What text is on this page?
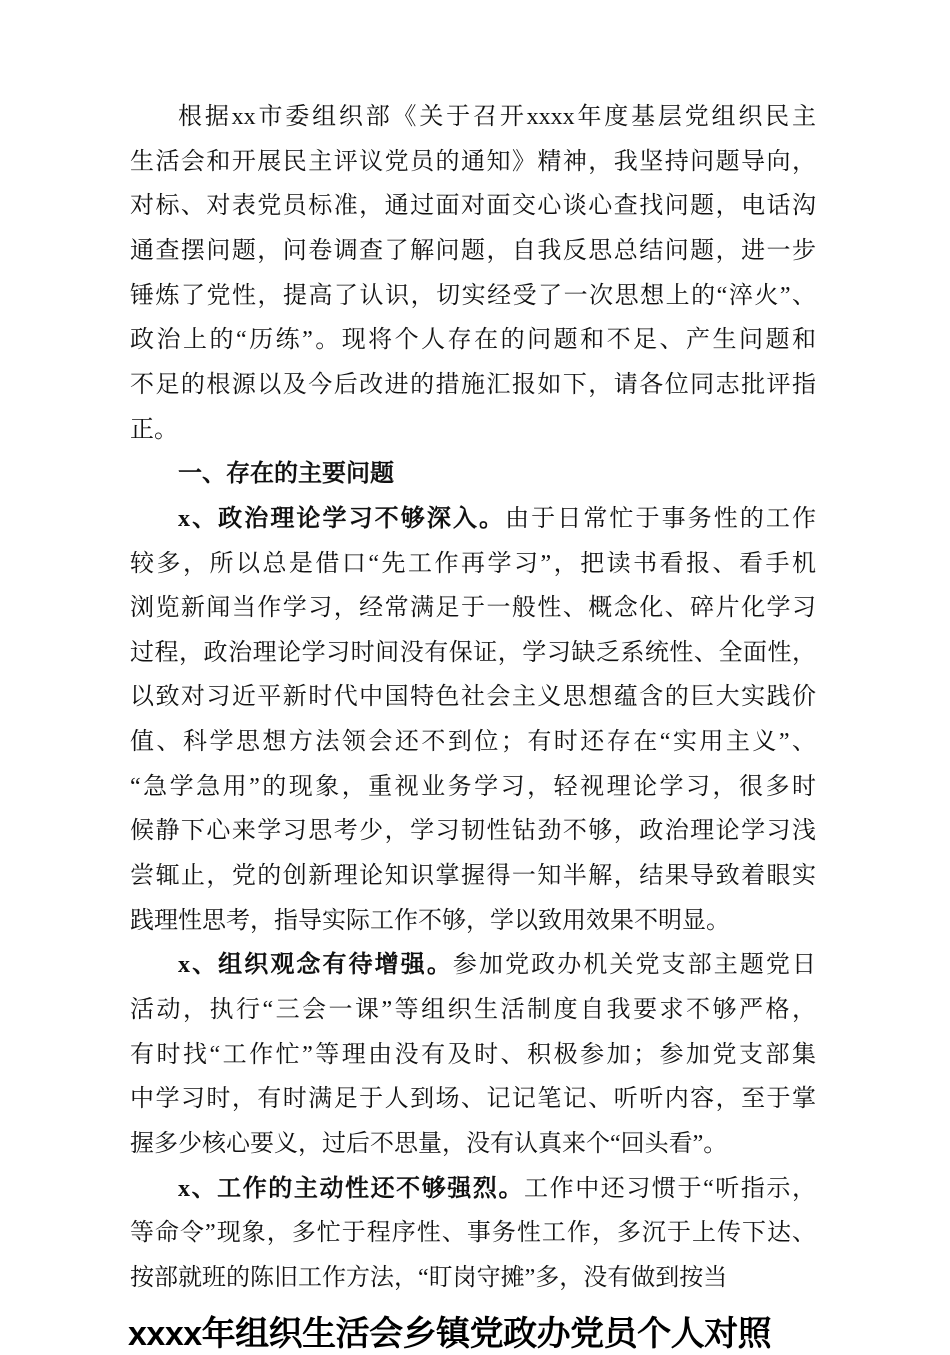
根据xx市委组织部《关于召开xxxx年度基层党组织民主
生活会和开展民主评议党员的通知》精神，我坚持问题导向，
对标、对表党员标准，通过面对面交心谈心查找问题，电话沟
通查摆问题，问卷调查了解问题，自我反思总结问题，进一步
锤炼了党性，提高了认识，切实经受了一次思想上的“淬火”、
政治上的“历练”。现将个人存在的问题和不足、产生问题和
不足的根源以及今后改进的措施汇报如下，请各位同志批评指
正。
一、存在的主要问题
x、政治理论学习不够深入。由于日常忙于事务性的工作
较多，所以总是借口“先工作再学习”，把读书看报、看手机
浏览新闻当作学习，经常满足于一般性、概念化、碎片化学习
过程，政治理论学习时间没有保证，学习缺乏系统性、全面性，
以致对习近平新时代中国特色社会主义思想蕴含的巨大实践价
值、科学思想方法领会还不到位；有时还存在“实用主义”、
“急学急用”的现象，重视业务学习，轻视理论学习，很多时
候静下心来学习思考少，学习韧性钻劲不够，政治理论学习浅
尝辄止，党的创新理论知识掌握得一知半解，结果导致着眼实
践理性思考，指导实际工作不够，学以致用效果不明显。
x、组织观念有待增强。参加党政办机关党支部主题党日
活动，执行“三会一课”等组织生活制度自我要求不够严格，
有时找“工作忙”等理由没有及时、积极参加；参加党支部集
中学习时，有时满足于人到场、记记笔记、听听内容，至于掌
握多少核心要义，过后不思量，没有认真来个“回头看”。
x、工作的主动性还不够强烈。工作中还习惯于“听指示，
等命令”现象，多忙于程序性、事务性工作，多沉于上传下达、
按部就班的陈旧工作方法，“盯岗守摊”多，没有做到按当
xxxx年组织生活会乡镇党政办党员个人对照
